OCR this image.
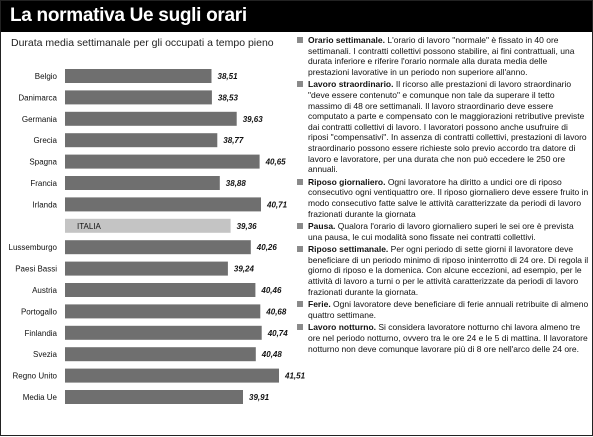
La normativa Ue sugli orari
Durata media settimanale per gli occupati a tempo pieno
Belgio	38,51
Danimarca	38,53
Germania	39,63
Grecia	38,77
Spagna	40,65
Francia	38,88
Irlanda	40,71
ITALIA	39,36
Lussemburgo	40,26
Paesi Bassi	39,24
Austria	40,46
Portogallo	40,68
Finlandia	40,74
Svezia	40,48
Regno Unito	41,51
Media Ue	39,91
Orario settimanale. L'orario di lavoro "normale" è fissato in 40 ore settimanali. I contratti collettivi possono stabilire, ai fini contrattuali, una durata inferiore e riferire l'orario normale alla durata media delle prestazioni lavorative in un periodo non superiore all'anno.
Lavoro straordinario. Il ricorso alle prestazioni di lavoro straordinario "deve essere contenuto" e comunque non tale da superare il tetto massimo di 48 ore settimanali. Il lavoro straordinario deve essere computato a parte e compensato con le maggiorazioni retributive previste dai contratti collettivi di lavoro. I lavoratori possono anche usufruire di riposi "compensativi". In assenza di contratti collettivi, prestazioni di lavoro straordinario possono essere richieste solo previo accordo tra datore di lavoro e lavoratore, per una durata che non può eccedere le 250 ore annuali.
Riposo giornaliero. Ogni lavoratore ha diritto a undici ore di riposo consecutivo ogni ventiquattro ore. Il riposo giornaliero deve essere fruito in modo consecutivo fatte salve le attività caratterizzate da periodi di lavoro frazionati durante la giornata
Pausa. Qualora l'orario di lavoro giornaliero superi le sei ore è prevista una pausa, le cui modalità sono fissate nei contratti collettivi.
Riposo settimanale. Per ogni periodo di sette giorni il lavoratore deve beneficiare di un periodo minimo di riposo ininterrotto di 24 ore. Di regola il giorno di riposo e la domenica. Con alcune eccezioni, ad esempio, per le attività di lavoro a turni o per le attività caratterizzate da periodi di lavoro frazionati durante la giornata.
Ferie. Ogni lavoratore deve beneficiare di ferie annuali retribuite di almeno quattro settimane.
Lavoro notturno. Si considera lavoratore notturno chi lavora almeno tre ore nel periodo notturno, ovvero tra le ore 24 e le 5 di mattina. Il lavoratore notturno non deve comunque lavorare più di 8 ore nell'arco delle 24 ore.
